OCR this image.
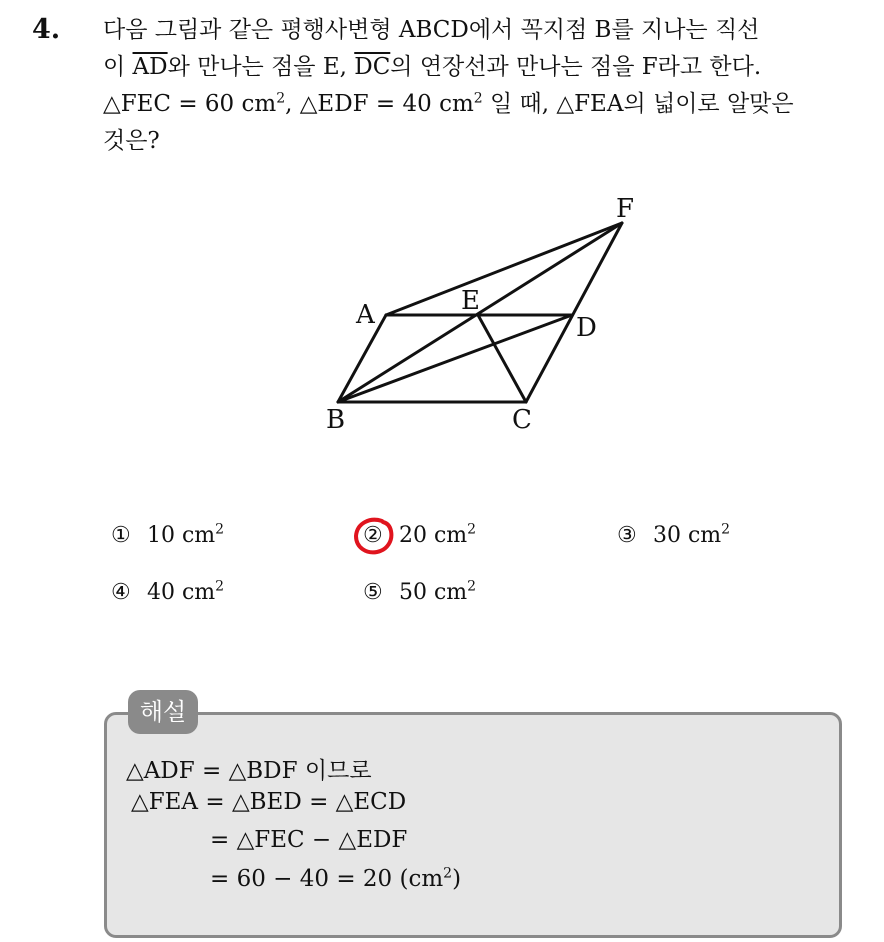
4. 다음 그림과 같은 평행사변형 ABCD에서 꼭지점 B를 지나는 직선
이 $\overline{AD}$와 만나는 점을 E, $\overline{DC}$의 연장선과 만나는 점을 F라고 한다.
△FEC = 60 $cm^2$, △EDF = 40 $cm^2$ 일 때, △FEA의 넓이로 알맞은
것은?
A
B	C
D
E
F
① 10 $cm^2$	② 20 $cm^2$	③ 30 $cm^2$
④ 40 $cm^2$	⑤ 50 $cm^2$
해설
△ADF = △BDF 이므로
△FEA = △BED = △ECD
= △FEC − △EDF
= 60 − 40 = 20 $(cm^2)$
